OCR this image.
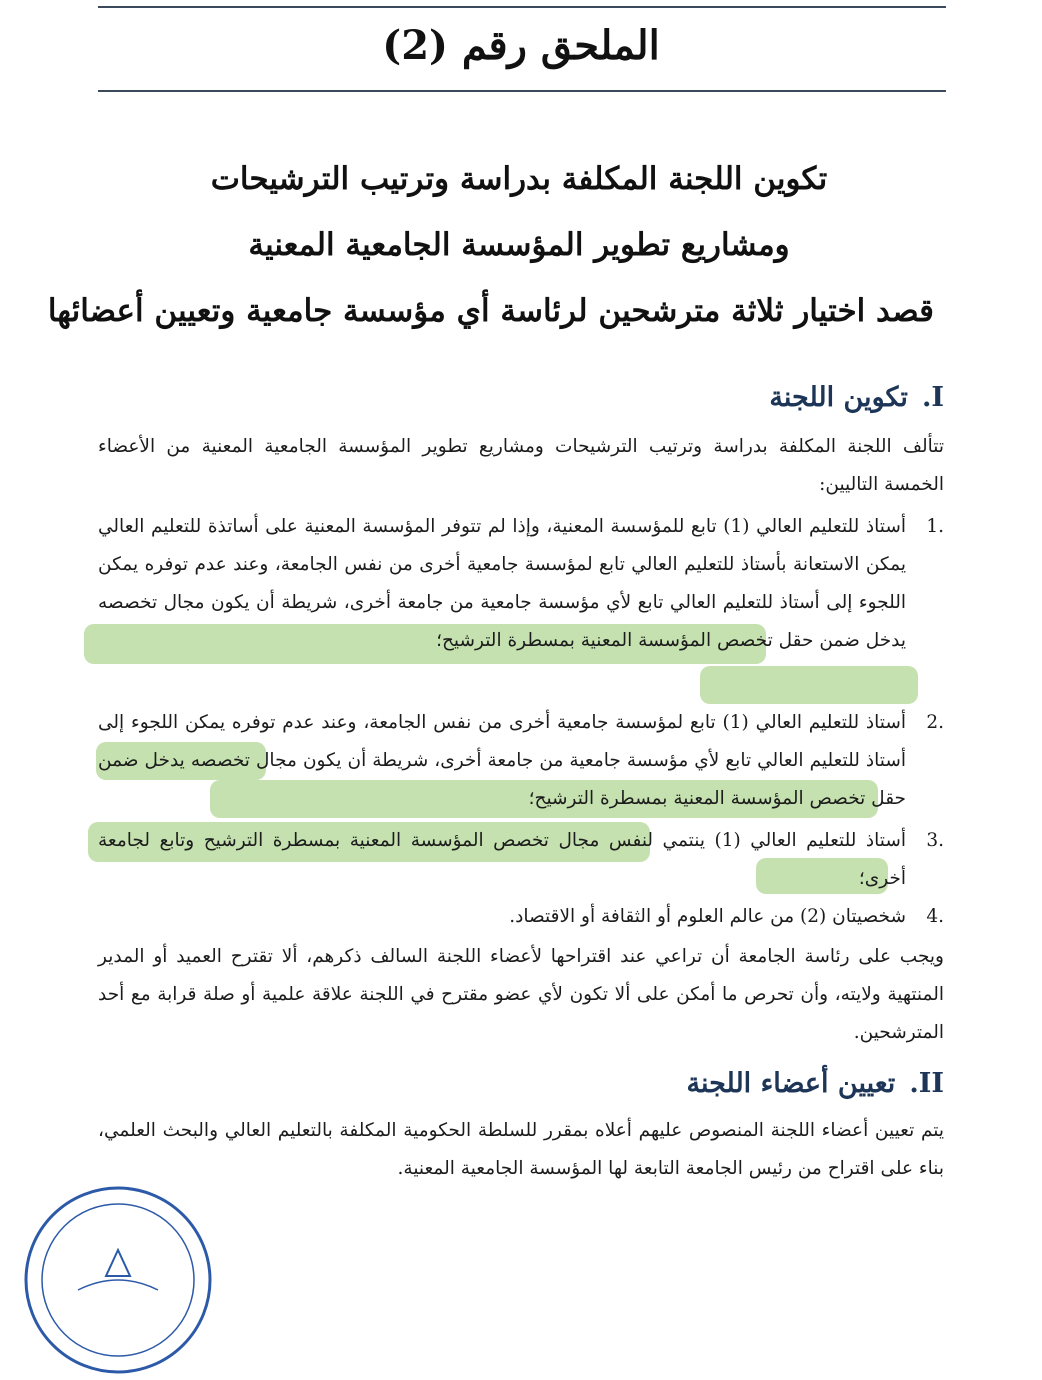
الملحق رقم (2)
تكوين اللجنة المكلفة بدراسة وترتيب الترشيحات
ومشاريع تطوير المؤسسة الجامعية المعنية
قصد اختيار ثلاثة مترشحين لرئاسة أي مؤسسة جامعية وتعيين أعضائها
I.تكوين اللجنة
تتألف اللجنة المكلفة بدراسة وترتيب الترشيحات ومشاريع تطوير المؤسسة الجامعية المعنية من الأعضاء الخمسة التاليين:
.1
أستاذ للتعليم العالي (1) تابع للمؤسسة المعنية، وإذا لم تتوفر المؤسسة المعنية على أساتذة للتعليم العالي يمكن الاستعانة بأستاذ للتعليم العالي تابع لمؤسسة جامعية أخرى من نفس الجامعة، وعند عدم توفره يمكن اللجوء إلى أستاذ للتعليم العالي تابع لأي مؤسسة جامعية من جامعة أخرى، شريطة أن يكون مجال تخصصه يدخل ضمن حقل تخصص المؤسسة المعنية بمسطرة الترشيح؛
.2
أستاذ للتعليم العالي (1) تابع لمؤسسة جامعية أخرى من نفس الجامعة، وعند عدم توفره يمكن اللجوء إلى أستاذ للتعليم العالي تابع لأي مؤسسة جامعية من جامعة أخرى، شريطة أن يكون مجال تخصصه يدخل ضمن حقل تخصص المؤسسة المعنية بمسطرة الترشيح؛
.3
أستاذ للتعليم العالي (1) ينتمي لنفس مجال تخصص المؤسسة المعنية بمسطرة الترشيح وتابع لجامعة أخرى؛
.4
شخصيتان (2) من عالم العلوم أو الثقافة أو الاقتصاد.
ويجب على رئاسة الجامعة أن تراعي عند اقتراحها لأعضاء اللجنة السالف ذكرهم، ألا تقترح العميد أو المدير المنتهية ولايته، وأن تحرص ما أمكن على ألا تكون لأي عضو مقترح في اللجنة علاقة علمية أو صلة قرابة مع أحد المترشحين.
II.تعيين أعضاء اللجنة
يتم تعيين أعضاء اللجنة المنصوص عليهم أعلاه بمقرر للسلطة الحكومية المكلفة بالتعليم العالي والبحث العلمي، بناء على اقتراح من رئيس الجامعة التابعة لها المؤسسة الجامعية المعنية.
